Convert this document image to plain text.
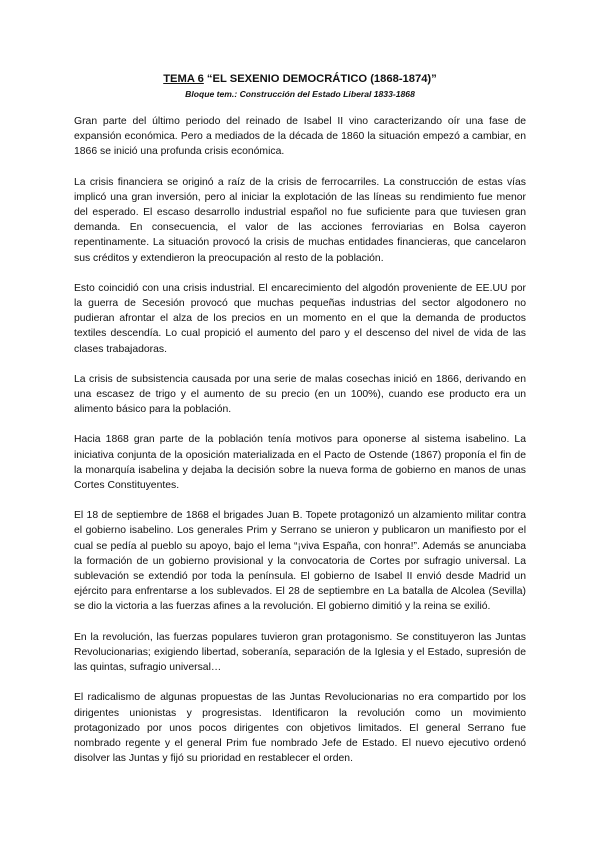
TEMA 6 “EL SEXENIO DEMOCRÁTICO (1868-1874)”

Bloque tem.: Construcción del Estado Liberal 1833-1868

Gran parte del último periodo del reinado de Isabel II vino caracterizando oír una fase de expansión económica. Pero a mediados de la década de 1860 la situación empezó a cambiar, en 1866 se inició una profunda crisis económica.

La crisis financiera se originó a raíz de la crisis de ferrocarriles. La construcción de estas vías implicó una gran inversión, pero al iniciar la explotación de las líneas su rendimiento fue menor del esperado. El escaso desarrollo industrial español no fue suficiente para que tuviesen gran demanda. En consecuencia, el valor de las acciones ferroviarias en Bolsa cayeron repentinamente. La situación provocó la crisis de muchas entidades financieras, que cancelaron sus créditos y extendieron la preocupación al resto de la población.

Esto coincidió con una crisis industrial. El encarecimiento del algodón proveniente de EE.UU por la guerra de Secesión provocó que muchas pequeñas industrias del sector algodonero no pudieran afrontar el alza de los precios en un momento en el que la demanda de productos textiles descendía. Lo cual propició el aumento del paro y el descenso del nivel de vida de las clases trabajadoras.

La crisis de subsistencia causada por una serie de malas cosechas inició en 1866, derivando en una escasez de trigo y el aumento de su precio (en un 100%), cuando ese producto era un alimento básico para la población.

Hacia 1868 gran parte de la población tenía motivos para oponerse al sistema isabelino. La iniciativa conjunta de la oposición materializada en el Pacto de Ostende (1867) proponía el fin de la monarquía isabelina y dejaba la decisión sobre la nueva forma de gobierno en manos de unas Cortes Constituyentes.

El 18 de septiembre de 1868 el brigades Juan B. Topete protagonizó un alzamiento militar contra el gobierno isabelino. Los generales Prim y Serrano se unieron y publicaron un manifiesto por el cual se pedía al pueblo su apoyo, bajo el lema “¡viva España, con honra!”. Además se anunciaba la formación de un gobierno provisional y la convocatoria de Cortes por sufragio universal. La sublevación se extendió por toda la península. El gobierno de Isabel II envió desde Madrid un ejército para enfrentarse a los sublevados. El 28 de septiembre en La batalla de Alcolea (Sevilla) se dio la victoria a las fuerzas afines a la revolución. El gobierno dimitió y la reina se exilió.

En la revolución, las fuerzas populares tuvieron gran protagonismo. Se constituyeron las Juntas Revolucionarias; exigiendo libertad, soberanía, separación de la Iglesia y el Estado, supresión de las quintas, sufragio universal…

El radicalismo de algunas propuestas de las Juntas Revolucionarias no era compartido por los dirigentes unionistas y progresistas. Identificaron la revolución como un movimiento protagonizado por unos pocos dirigentes con objetivos limitados. El general Serrano fue nombrado regente y el general Prim fue nombrado Jefe de Estado. El nuevo ejecutivo ordenó disolver las Juntas y fijó su prioridad en restablecer el orden.
